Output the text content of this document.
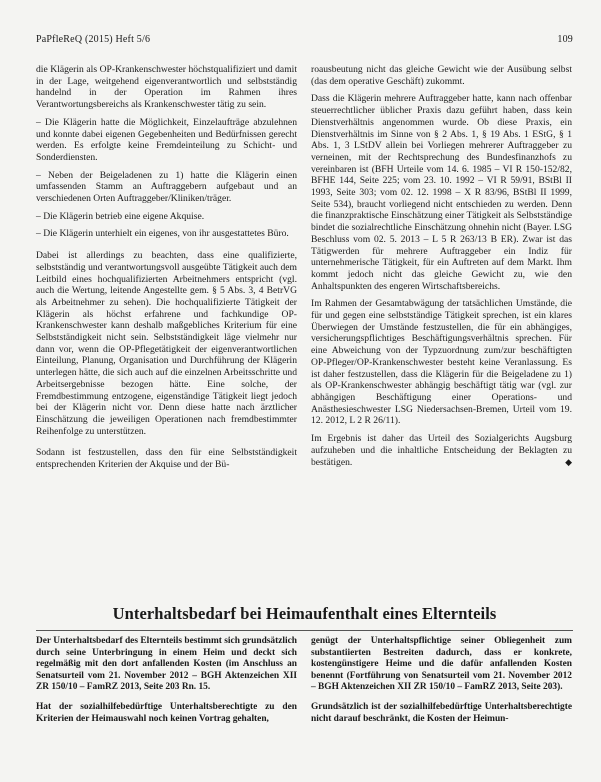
PaPfleReQ (2015) Heft 5/6	109

die Klägerin als OP-Krankenschwester höchstqualifiziert und damit in der Lage, weitgehend eigenverantwortlich und selbstständig handelnd in der Operation im Rahmen ihres Verantwortungsbereichs als Krankenschwester tätig zu sein.

– Die Klägerin hatte die Möglichkeit, Einzelaufträge abzulehnen und konnte dabei eigenen Gegebenheiten und Bedürfnissen gerecht werden. Es erfolgte keine Fremdeinteilung zu Schicht- und Sonderdiensten.

– Neben der Beigeladenen zu 1) hatte die Klägerin einen umfassenden Stamm an Auftraggebern aufgebaut und an verschiedenen Orten Auftraggeber/Kliniken/träger.

– Die Klägerin betrieb eine eigene Akquise.

– Die Klägerin unterhielt ein eigenes, von ihr ausgestattetes Büro.

Dabei ist allerdings zu beachten, dass eine qualifizierte, selbstständig und verantwortungsvoll ausgeübte Tätigkeit auch dem Leitbild eines hochqualifizierten Arbeitnehmers entspricht (vgl. auch die Wertung, leitende Angestellte gem. § 5 Abs. 3, 4 BetrVG als Arbeitnehmer zu sehen). Die hochqualifizierte Tätigkeit der Klägerin als höchst erfahrene und fachkundige OP-Krankenschwester kann deshalb maßgebliches Kriterium für eine Selbstständigkeit nicht sein. Selbstständigkeit läge vielmehr nur dann vor, wenn die OP-Pflegetätigkeit der eigenverantwortlichen Einteilung, Planung, Organisation und Durchführung der Klägerin unterlegen hätte, die sich auch auf die einzelnen Arbeitsschritte und Arbeitsergebnisse bezogen hätte. Eine solche, der Fremdbestimmung entzogene, eigenständige Tätigkeit liegt jedoch bei der Klägerin nicht vor. Denn diese hatte nach ärztlicher Einschätzung die jeweiligen Operationen nach fremdbestimmter Reihenfolge zu unterstützen.

Sodann ist festzustellen, dass den für eine Selbstständigkeit entsprechenden Kriterien der Akquise und der Bü-

roausbeutung nicht das gleiche Gewicht wie der Ausübung selbst (das dem operative Geschäft) zukommt.

Dass die Klägerin mehrere Auftraggeber hatte, kann nach offenbar steuerrechtlicher üblicher Praxis dazu geführt haben, dass kein Dienstverhältnis angenommen wurde. Ob diese Praxis, ein Dienstverhältnis im Sinne von § 2 Abs. 1, § 19 Abs. 1 EStG, § 1 Abs. 1, 3 LStDV allein bei Vorliegen mehrerer Auftraggeber zu verneinen, mit der Rechtsprechung des Bundesfinanzhofs zu vereinbaren ist (BFH Urteile vom 14. 6. 1985 – VI R 150-152/82, BFHE 144, Seite 225; vom 23. 10. 1992 – VI R 59/91, BStBl II 1993, Seite 303; vom 02. 12. 1998 – X R 83/96, BStBl II 1999, Seite 534), braucht vorliegend nicht entschieden zu werden. Denn die finanzpraktische Einschätzung einer Tätigkeit als Selbstständige bindet die sozialrechtliche Einschätzung ohnehin nicht (Bayer. LSG Beschluss vom 02. 5. 2013 – L 5 R 263/13 B ER). Zwar ist das Tätigwerden für mehrere Auftraggeber ein Indiz für unternehmerische Tätigkeit, für ein Auftreten auf dem Markt. Ihm kommt jedoch nicht das gleiche Gewicht zu, wie den Anhaltspunkten des engeren Wirtschaftsbereichs.

Im Rahmen der Gesamtabwägung der tatsächlichen Umstände, die für und gegen eine selbstständige Tätigkeit sprechen, ist ein klares Überwiegen der Umstände festzustellen, die für ein abhängiges, versicherungspflichtiges Beschäftigungsverhältnis sprechen. Für eine Abweichung von der Typzuordnung zum/zur beschäftigten OP-Pfleger/OP-Krankenschwester besteht keine Veranlassung. Es ist daher festzustellen, dass die Klägerin für die Beigeladene zu 1) als OP-Krankenschwester abhängig beschäftigt tätig war (vgl. zur abhängigen Beschäftigung einer Operations- und Anästhesieschwester LSG Niedersachsen-Bremen, Urteil vom 19. 12. 2012, L 2 R 26/11).

Im Ergebnis ist daher das Urteil des Sozialgerichts Augsburg aufzuheben und die inhaltliche Entscheidung der Beklagten zu bestätigen.	◆

Unterhaltsbedarf bei Heimaufenthalt eines Elternteils

Der Unterhaltsbedarf des Elternteils bestimmt sich grundsätzlich durch seine Unterbringung in einem Heim und deckt sich regelmäßig mit den dort anfallenden Kosten (im Anschluss an Senatsurteil vom 21. November 2012 – BGH Aktenzeichen XII ZR 150/10 – FamRZ 2013, Seite 203 Rn. 15.

Hat der sozialhilfebedürftige Unterhaltsberechtigte zu den Kriterien der Heimauswahl noch keinen Vortrag gehalten,

genügt der Unterhaltspflichtige seiner Obliegenheit zum substantiierten Bestreiten dadurch, dass er konkrete, kostengünstigere Heime und die dafür anfallenden Kosten benennt (Fortführung von Senatsurteil vom 21. November 2012 – BGH Aktenzeichen XII ZR 150/10 – FamRZ 2013, Seite 203).

Grundsätzlich ist der sozialhilfebedürftige Unterhaltsberechtigte nicht darauf beschränkt, die Kosten der Heimun-
